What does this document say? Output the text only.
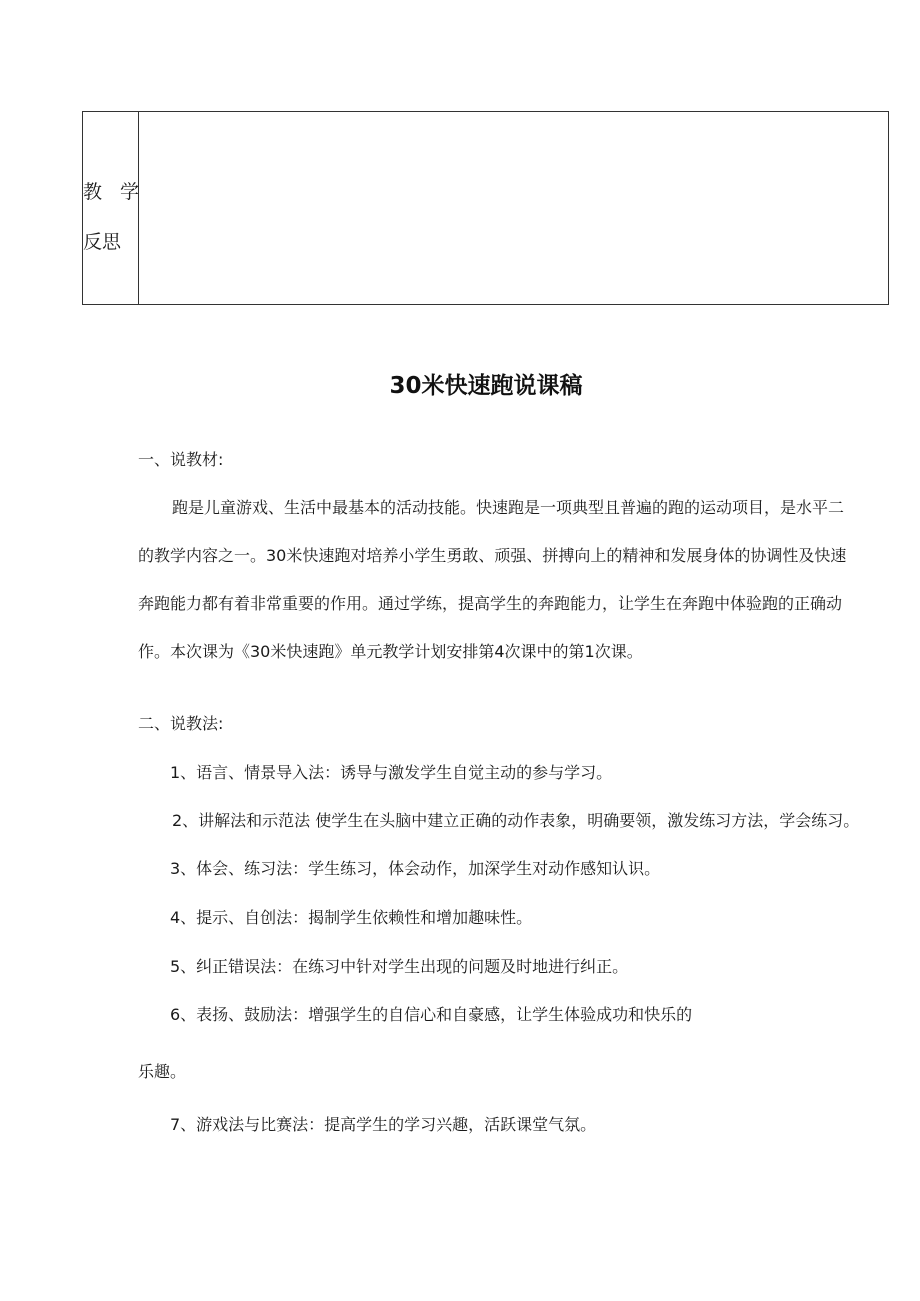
教 学
反思
30米快速跑说课稿
一、说教材:
跑是儿童游戏、生活中最基本的活动技能。快速跑是一项典型且普遍的跑的运动项目，是水平二
的教学内容之一。30米快速跑对培养小学生勇敢、顽强、拼搏向上的精神和发展身体的协调性及快速
奔跑能力都有着非常重要的作用。通过学练，提高学生的奔跑能力，让学生在奔跑中体验跑的正确动
作。本次课为《30米快速跑》单元教学计划安排第4次课中的第1次课。
二、说教法:
1、语言、情景导入法：诱导与激发学生自觉主动的参与学习。
2、讲解法和示范法 使学生在头脑中建立正确的动作表象，明确要领，激发练习方法，学会练习。
3、体会、练习法：学生练习，体会动作，加深学生对动作感知认识。
4、提示、自创法：揭制学生依赖性和增加趣味性。
5、纠正错误法：在练习中针对学生出现的问题及时地进行纠正。
6、表扬、鼓励法：增强学生的自信心和自豪感，让学生体验成功和快乐的
乐趣。
7、游戏法与比赛法：提高学生的学习兴趣，活跃课堂气氛。
